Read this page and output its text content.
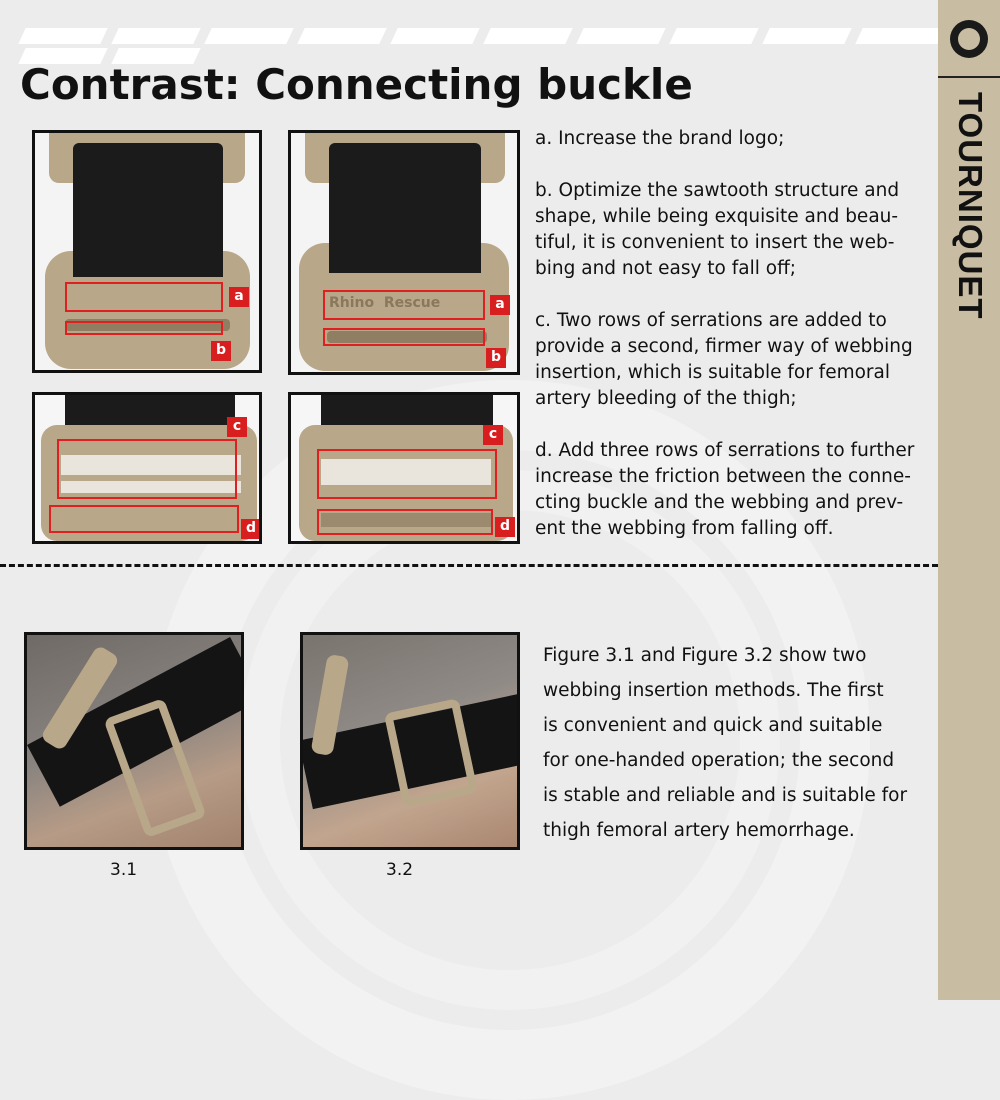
Contrast: Connecting buckle
TOURNIQUET
a
b
Rhino  Rescue	a
b
c
d
c
d

a. Increase the brand logo;

b. Optimize the sawtooth structure and
shape, while being exquisite and beau-
tiful, it is convenient to insert the web-
bing and not easy to fall off;

c. Two rows of serrations are added to
provide a second, firmer way of webbing
insertion, which is suitable for femoral
artery bleeding of the thigh;

d. Add three rows of serrations to further
increase the friction between the conne-
cting buckle and the webbing and prev-
ent the webbing from falling off.

3.1	3.2
Figure 3.1 and Figure 3.2 show two
webbing insertion methods. The first
is convenient and quick and suitable
for one-handed operation; the second
is stable and reliable and is suitable for
thigh femoral artery hemorrhage.
